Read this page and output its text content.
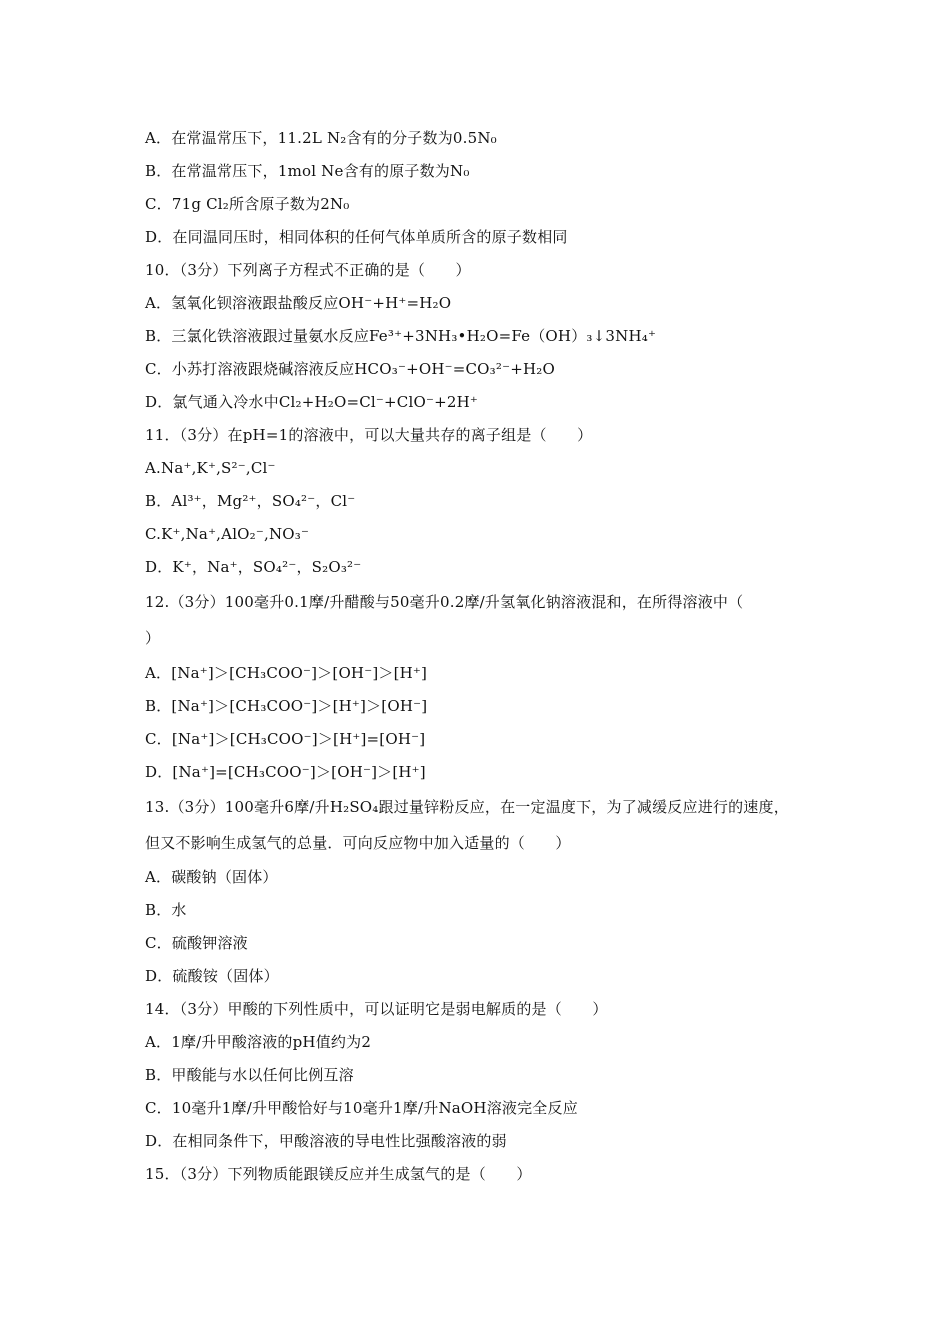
A．在常温常压下，11.2L N₂含有的分子数为0.5N₀
B．在常温常压下，1mol Ne含有的原子数为N₀
C．71g Cl₂所含原子数为2N₀
D．在同温同压时，相同体积的任何气体单质所含的原子数相同
10．（3分）下列离子方程式不正确的是（　　）
A．氢氧化钡溶液跟盐酸反应OH⁻+H⁺=H₂O
B．三氯化铁溶液跟过量氨水反应Fe³⁺+3NH₃•H₂O=Fe（OH）₃↓3NH₄⁺
C．小苏打溶液跟烧碱溶液反应HCO₃⁻+OH⁻=CO₃²⁻+H₂O
D．氯气通入冷水中Cl₂+H₂O=Cl⁻+ClO⁻+2H⁺
11．（3分）在pH=1的溶液中，可以大量共存的离子组是（　　）
A.Na⁺,K⁺,S²⁻,Cl⁻
B．Al³⁺，Mg²⁺，SO₄²⁻，Cl⁻
C.K⁺,Na⁺,AlO₂⁻,NO₃⁻
D．K⁺，Na⁺，SO₄²⁻，S₂O₃²⁻
12.（3分）100毫升0.1摩/升醋酸与50毫升0.2摩/升氢氧化钠溶液混和，在所得溶液中（
）
A．[Na⁺]＞[CH₃COO⁻]＞[OH⁻]＞[H⁺]
B．[Na⁺]＞[CH₃COO⁻]＞[H⁺]＞[OH⁻]
C．[Na⁺]＞[CH₃COO⁻]＞[H⁺]=[OH⁻]
D．[Na⁺]=[CH₃COO⁻]＞[OH⁻]＞[H⁺]
13.（3分）100毫升6摩/升H₂SO₄跟过量锌粉反应，在一定温度下，为了减缓反应进行的速度，
但又不影响生成氢气的总量．可向反应物中加入适量的（　　）
A．碳酸钠（固体）
B．水
C．硫酸钾溶液
D．硫酸铵（固体）
14．（3分）甲酸的下列性质中，可以证明它是弱电解质的是（　　）
A．1摩/升甲酸溶液的pH值约为2
B．甲酸能与水以任何比例互溶
C．10毫升1摩/升甲酸恰好与10毫升1摩/升NaOH溶液完全反应
D．在相同条件下，甲酸溶液的导电性比强酸溶液的弱
15．（3分）下列物质能跟镁反应并生成氢气的是（　　）
